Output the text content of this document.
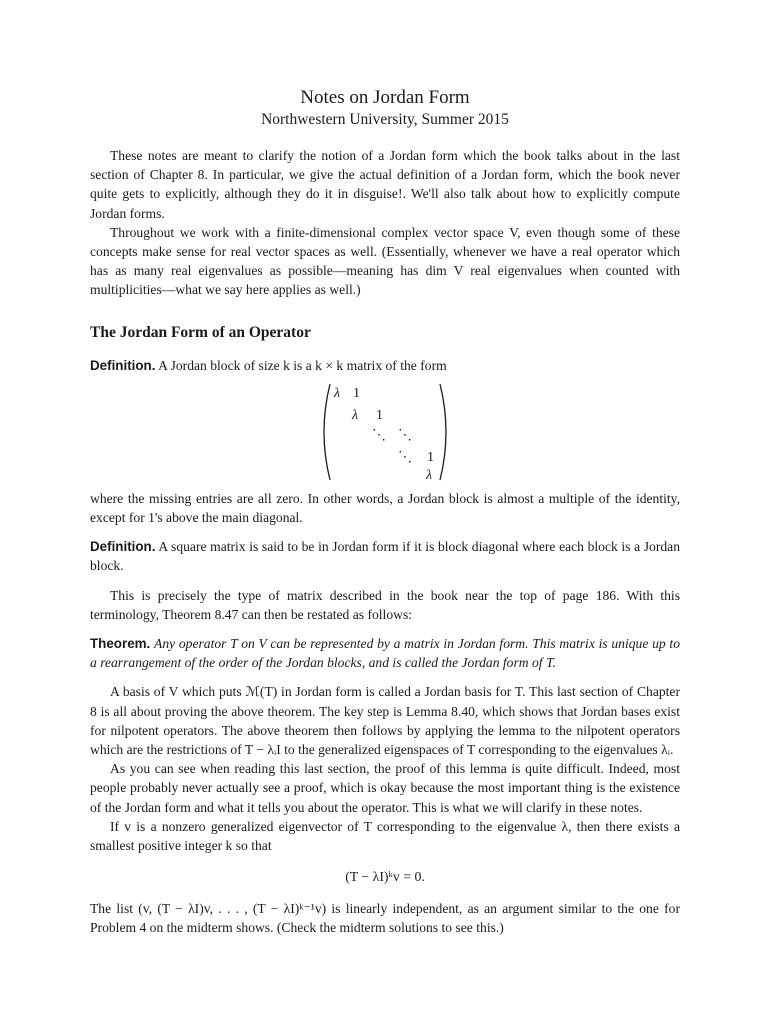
Notes on Jordan Form
Northwestern University, Summer 2015

These notes are meant to clarify the notion of a Jordan form which the book talks about in the last section of Chapter 8. In particular, we give the actual definition of a Jordan form, which the book never quite gets to explicitly, although they do it in disguise!. We'll also talk about how to explicitly compute Jordan forms.

Throughout we work with a finite-dimensional complex vector space V, even though some of these concepts make sense for real vector spaces as well. (Essentially, whenever we have a real operator which has as many real eigenvalues as possible—meaning has dim V real eigenvalues when counted with multiplicities—what we say here applies as well.)

The Jordan Form of an Operator

Definition. A Jordan block of size k is a k × k matrix of the form

λ 1
λ 1
⋱ ⋱
⋱ 1
λ

where the missing entries are all zero. In other words, a Jordan block is almost a multiple of the identity, except for 1's above the main diagonal.

Definition. A square matrix is said to be in Jordan form if it is block diagonal where each block is a Jordan block.

This is precisely the type of matrix described in the book near the top of page 186. With this terminology, Theorem 8.47 can then be restated as follows:

Theorem. Any operator T on V can be represented by a matrix in Jordan form. This matrix is unique up to a rearrangement of the order of the Jordan blocks, and is called the Jordan form of T.

A basis of V which puts ℳ(T) in Jordan form is called a Jordan basis for T. This last section of Chapter 8 is all about proving the above theorem. The key step is Lemma 8.40, which shows that Jordan bases exist for nilpotent operators. The above theorem then follows by applying the lemma to the nilpotent operators which are the restrictions of T − λᵢI to the generalized eigenspaces of T corresponding to the eigenvalues λᵢ.

As you can see when reading this last section, the proof of this lemma is quite difficult. Indeed, most people probably never actually see a proof, which is okay because the most important thing is the existence of the Jordan form and what it tells you about the operator. This is what we will clarify in these notes.

If v is a nonzero generalized eigenvector of T corresponding to the eigenvalue λ, then there exists a smallest positive integer k so that

(T − λI)ᵏv = 0.

The list (v, (T − λI)v, . . . , (T − λI)ᵏ⁻¹v) is linearly independent, as an argument similar to the one for Problem 4 on the midterm shows. (Check the midterm solutions to see this.)
